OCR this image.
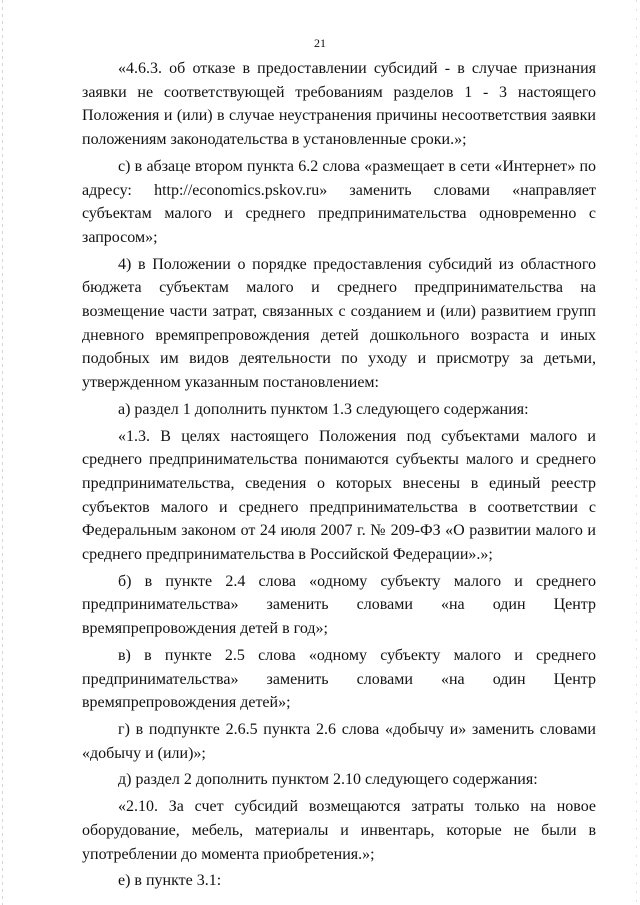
21

«4.6.3. об отказе в предоставлении субсидий - в случае признания заявки не соответствующей требованиям разделов 1 - 3 настоящего Положения и (или) в случае неустранения причины несоответствия заявки положениям законодательства в установленные сроки.»;

с) в абзаце втором пункта 6.2 слова «размещает в сети «Интернет» по адресу: http://economics.pskov.ru» заменить словами «направляет субъектам малого и среднего предпринимательства одновременно с запросом»;

4) в Положении о порядке предоставления субсидий из областного бюджета субъектам малого и среднего предпринимательства на возмещение части затрат, связанных с созданием и (или) развитием групп дневного времяпрепровождения детей дошкольного возраста и иных подобных им видов деятельности по уходу и присмотру за детьми, утвержденном указанным постановлением:

а) раздел 1 дополнить пунктом 1.3 следующего содержания:

«1.3. В целях настоящего Положения под субъектами малого и среднего предпринимательства понимаются субъекты малого и среднего предпринимательства, сведения о которых внесены в единый реестр субъектов малого и среднего предпринимательства в соответствии с Федеральным законом от 24 июля 2007 г. № 209-ФЗ «О развитии малого и среднего предпринимательства в Российской Федерации».»;

б) в пункте 2.4 слова «одному субъекту малого и среднего предпринимательства» заменить словами «на один Центр времяпрепровождения детей в год»;

в) в пункте 2.5 слова «одному субъекту малого и среднего предпринимательства» заменить словами «на один Центр времяпрепровождения детей»;

г) в подпункте 2.6.5 пункта 2.6 слова «добычу и» заменить словами «добычу и (или)»;

д) раздел 2 дополнить пунктом 2.10 следующего содержания:

«2.10. За счет субсидий возмещаются затраты только на новое оборудование, мебель, материалы и инвентарь, которые не были в употреблении до момента приобретения.»;

е) в пункте 3.1:
